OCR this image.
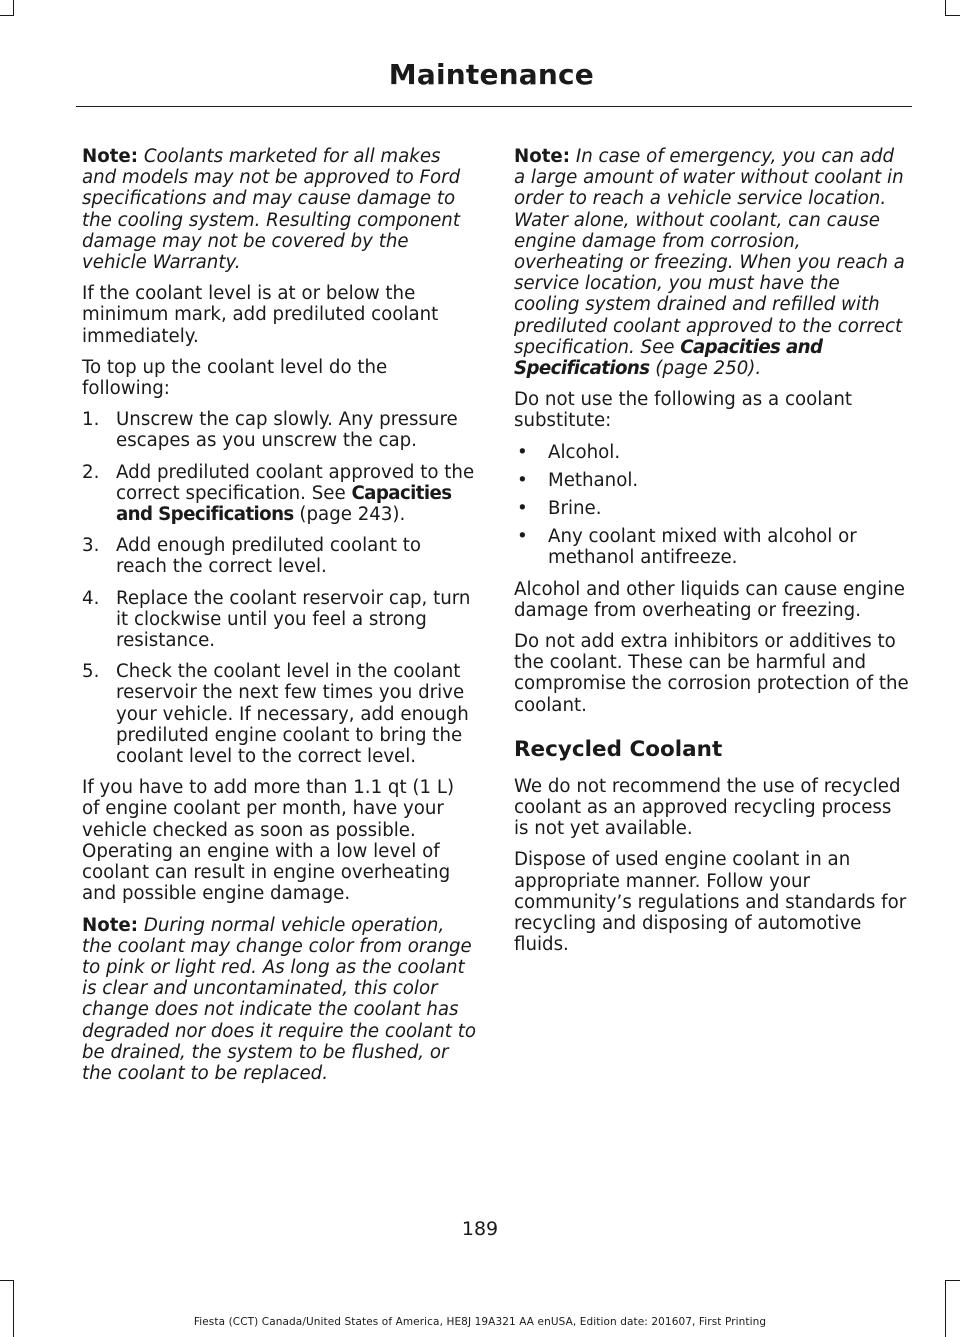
Maintenance

Note: Coolants marketed for all makes and models may not be approved to Ford specifications and may cause damage to the cooling system. Resulting component damage may not be covered by the vehicle Warranty.

If the coolant level is at or below the minimum mark, add prediluted coolant immediately.

To top up the coolant level do the following:

1. Unscrew the cap slowly. Any pressure escapes as you unscrew the cap.
2. Add prediluted coolant approved to the correct specification. See Capacities and Specifications (page 243).
3. Add enough prediluted coolant to reach the correct level.
4. Replace the coolant reservoir cap, turn it clockwise until you feel a strong resistance.
5. Check the coolant level in the coolant reservoir the next few times you drive your vehicle. If necessary, add enough prediluted engine coolant to bring the coolant level to the correct level.

If you have to add more than 1.1 qt (1 L) of engine coolant per month, have your vehicle checked as soon as possible. Operating an engine with a low level of coolant can result in engine overheating and possible engine damage.

Note: During normal vehicle operation, the coolant may change color from orange to pink or light red. As long as the coolant is clear and uncontaminated, this color change does not indicate the coolant has degraded nor does it require the coolant to be drained, the system to be flushed, or the coolant to be replaced.

Note: In case of emergency, you can add a large amount of water without coolant in order to reach a vehicle service location. Water alone, without coolant, can cause engine damage from corrosion, overheating or freezing. When you reach a service location, you must have the cooling system drained and refilled with prediluted coolant approved to the correct specification. See Capacities and Specifications (page 250).

Do not use the following as a coolant substitute:

• Alcohol.
• Methanol.
• Brine.
• Any coolant mixed with alcohol or methanol antifreeze.

Alcohol and other liquids can cause engine damage from overheating or freezing.

Do not add extra inhibitors or additives to the coolant. These can be harmful and compromise the corrosion protection of the coolant.

Recycled Coolant

We do not recommend the use of recycled coolant as an approved recycling process is not yet available.

Dispose of used engine coolant in an appropriate manner. Follow your community’s regulations and standards for recycling and disposing of automotive fluids.

189
Fiesta (CCT) Canada/United States of America, HE8J 19A321 AA enUSA, Edition date: 201607, First Printing
